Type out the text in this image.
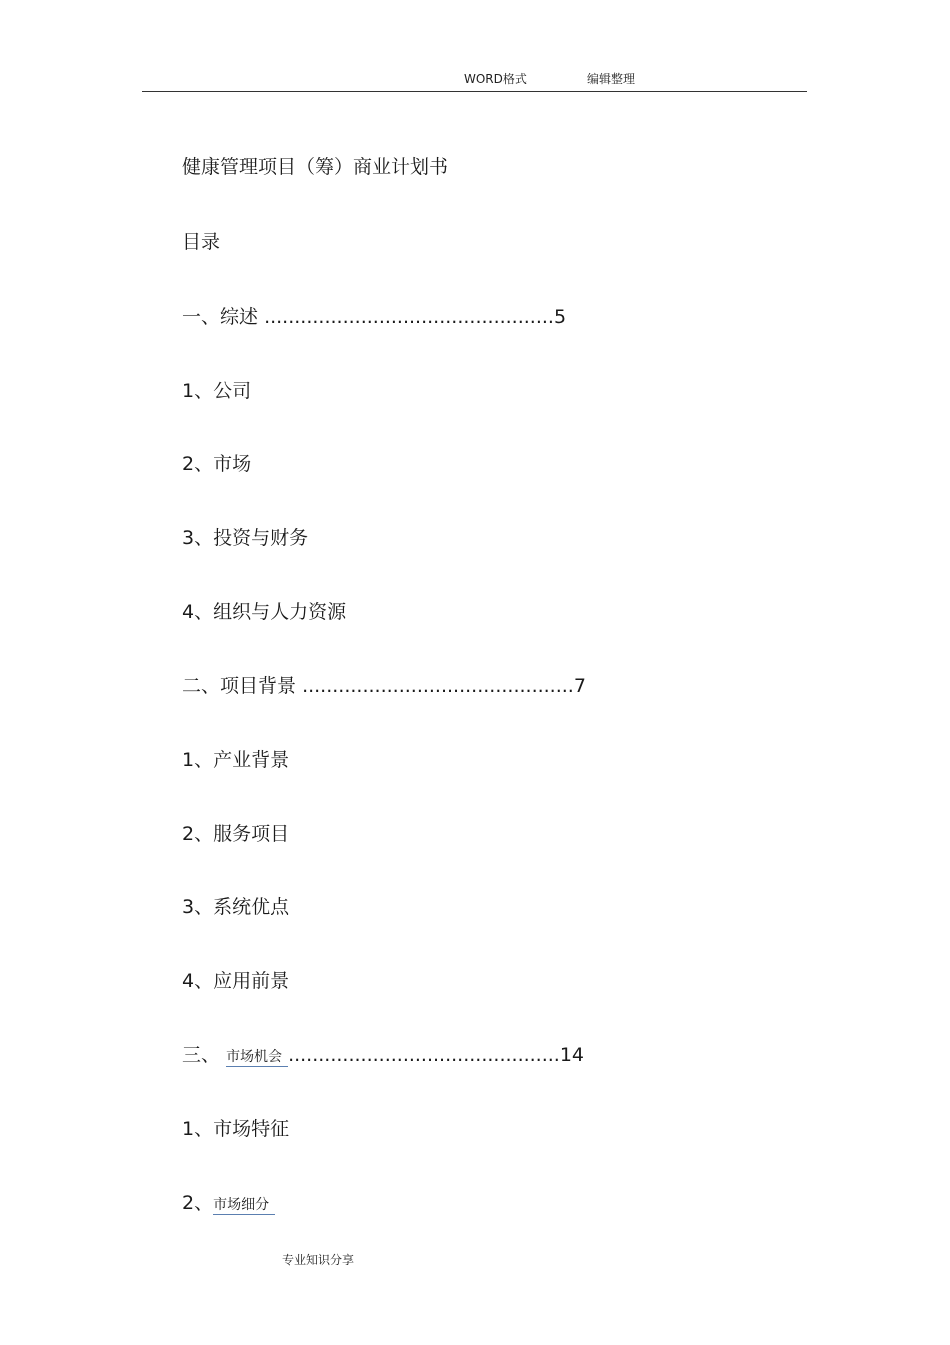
WORD格式	编辑整理
健康管理项目（筹）商业计划书
目录
一、综述 ................................................5
1、公司
2、市场
3、投资与财务
4、组织与人力资源
二、项目背景 .............................................7
1、产业背景
2、服务项目
3、系统优点
4、应用前景
三、 市场机会 .............................................14
1、市场特征
2、市场细分
专业知识分享
